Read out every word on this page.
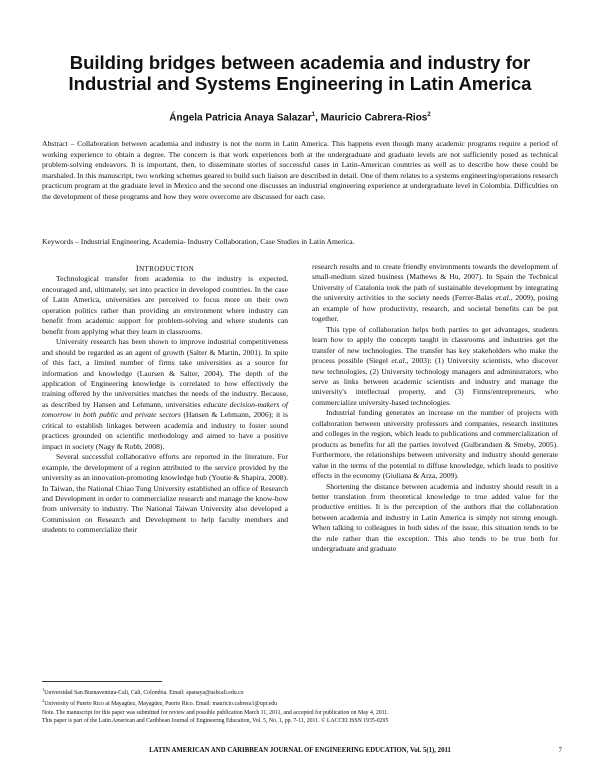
Building bridges between academia and industry for
Industrial and Systems Engineering in Latin America

Ángela Patricia Anaya Salazar$^1$, Mauricio Cabrera-Rios$^2$

Abstract – Collaboration between academia and industry is not the norm in Latin America. This happens even though many academic programs require a period of working experience to obtain a degree. The concern is that work experiences both at the undergraduate and graduate levels are not sufficiently posed as technical problem-solving endeavors. It is important, then, to disseminate stories of successful cases in Latin-American countries as well as to describe how these could be marshaled. In this manuscript, two working schemes geared to build such liaison are described in detail. One of them relates to a systems engineering/operations research practicum program at the graduate level in Mexico and the second one discusses an industrial engineering experience at undergraduate level in Colombia. Difficulties on the development of these programs and how they were overcome are discussed for each case.

Keywords – Industrial Engineering, Academia- Industry Collaboration, Case Studies in Latin America.

INTRODUCTION

Technological transfer from academia to the industry is expected, encouraged and, ultimately, set into practice in developed countries. In the case of Latin America, universities are perceived to focus more on their own operation politics rather than providing an environment where industry can benefit from academic support for problem-solving and where students can benefit from applying what they learn in classrooms.

University research has been shown to improve industrial competitiveness and should be regarded as an agent of growth (Salter & Martin, 2001). In spite of this fact, a limited number of firms take universities as a source for information and knowledge (Laursen & Salter, 2004). The depth of the application of Engineering knowledge is correlated to how effectively the training offered by the universities matches the needs of the industry. Because, as described by Hansen and Lehmann, universities educate decision-makers of tomorrow in both public and private sectors (Hansen & Lehmann, 2006); it is critical to establish linkages between academia and industry to foster sound practices grounded on scientific methodology and aimed to have a positive impact in society (Nagy & Robb, 2008).

Several successful collaborative efforts are reported in the literature. For example, the development of a region attributed to the service provided by the university as an innovation-promoting knowledge hub (Youtie & Shapira, 2008). In Taiwan, the National Chiao Tung University established an office of Research and Development in order to commercialize research and manage the know-how from university to industry. The National Taiwan University also developed a Commission on Research and Development to help faculty members and students to commercialize their

research results and to create friendly environments towards the development of small-medium sized business (Mathews & Hu, 2007). In Spain the Technical University of Catalonia took the path of sustainable development by integrating the university activities to the society needs (Ferrer-Balas et.al., 2009), posing an example of how productivity, research, and societal benefits can be put together.

This type of collaboration helps both parties to get advantages, students learn how to apply the concepts taught in classrooms and industries get the transfer of new technologies. The transfer has key stakeholders who make the process possible (Siegel et.al., 2003): (1) University scientists, who discover new technologies, (2) University technology managers and administrators, who serve as links between academic scientists and industry and manage the university's intellectual property, and (3) Firms/entrepreneurs, who commercialize university-based technologies.

Industrial funding generates an increase on the number of projects with collaboration between university professors and companies, research institutes and colleges in the region, which leads to publications and commercialization of products as benefits for all the parties involved (Gulbrandsen & Smeby, 2005). Furthermore, the relationships between university and industry should generate value in the terms of the potential to diffuse knowledge, which leads to positive effects in the economy (Giuliana & Arza, 2009).

Shortening the distance between academia and industry should result in a better translation from theoretical knowledge to true added value for the productive entities. It is the perception of the authors that the collaboration between academia and industry in Latin America is simply not strong enough. When talking to colleagues in both sides of the issue, this situation tends to be the rule rather than the exception. This also tends to be true both for undergraduate and graduate

$^1$Universidad San Buenaventura-Cali, Cali, Colombia. Email: apanaya@usbcali.edu.co
$^2$University of Puerto Rico at Mayagüez, Mayagüez, Puerto Rico. Email: mauricio.cabrera1@upr.edu
Note. The manuscript for this paper was submitted for review and possible publication March 11, 2011, and accepted for publication on May 4, 2011.
This paper is part of the Latin American and Caribbean Journal of Engineering Education, Vol. 5, No. 1, pp. 7-11, 2011. © LACCEI ISSN 1935-0295
LATIN AMERICAN AND CARIBBEAN JOURNAL OF ENGINEERING EDUCATION, Vol. 5(1), 2011	7
